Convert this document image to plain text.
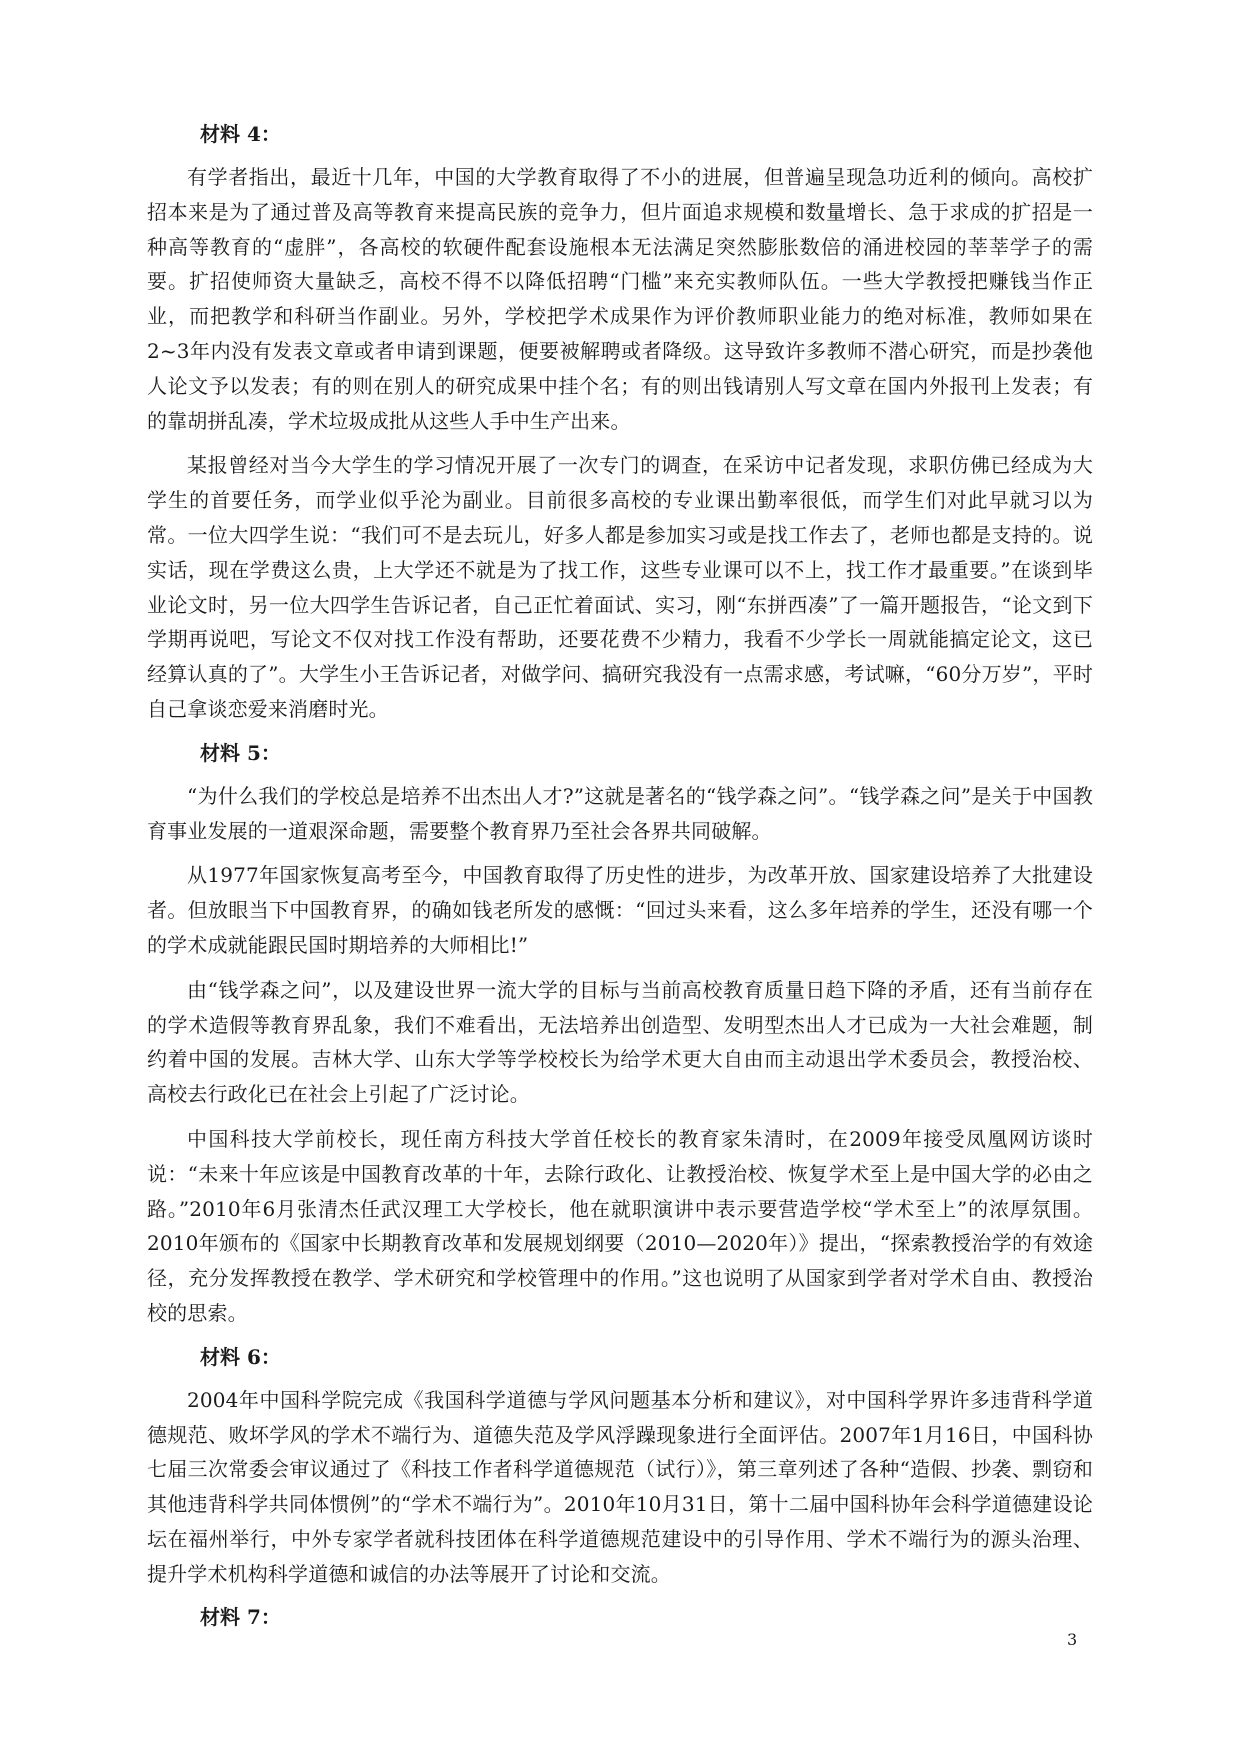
材料 4：

有学者指出，最近十几年，中国的大学教育取得了不小的进展，但普遍呈现急功近利的倾向。高校扩招本来是为了通过普及高等教育来提高民族的竞争力，但片面追求规模和数量增长、急于求成的扩招是一种高等教育的“虚胖”，各高校的软硬件配套设施根本无法满足突然膨胀数倍的涌进校园的莘莘学子的需要。扩招使师资大量缺乏，高校不得不以降低招聘“门槛”来充实教师队伍。一些大学教授把赚钱当作正业，而把教学和科研当作副业。另外，学校把学术成果作为评价教师职业能力的绝对标准，教师如果在2~3年内没有发表文章或者申请到课题，便要被解聘或者降级。这导致许多教师不潜心研究，而是抄袭他人论文予以发表；有的则在别人的研究成果中挂个名；有的则出钱请别人写文章在国内外报刊上发表；有的靠胡拼乱凑，学术垃圾成批从这些人手中生产出来。

某报曾经对当今大学生的学习情况开展了一次专门的调查，在采访中记者发现，求职仿佛已经成为大学生的首要任务，而学业似乎沦为副业。目前很多高校的专业课出勤率很低，而学生们对此早就习以为常。一位大四学生说：“我们可不是去玩儿，好多人都是参加实习或是找工作去了，老师也都是支持的。说实话，现在学费这么贵，上大学还不就是为了找工作，这些专业课可以不上，找工作才最重要。”在谈到毕业论文时，另一位大四学生告诉记者，自己正忙着面试、实习，刚“东拼西凑”了一篇开题报告，“论文到下学期再说吧，写论文不仅对找工作没有帮助，还要花费不少精力，我看不少学长一周就能搞定论文，这已经算认真的了”。大学生小王告诉记者，对做学问、搞研究我没有一点需求感，考试嘛，“60分万岁”，平时自己拿谈恋爱来消磨时光。

材料 5：

“为什么我们的学校总是培养不出杰出人才?”这就是著名的“钱学森之问”。“钱学森之问”是关于中国教育事业发展的一道艰深命题，需要整个教育界乃至社会各界共同破解。

从1977年国家恢复高考至今，中国教育取得了历史性的进步，为改革开放、国家建设培养了大批建设者。但放眼当下中国教育界，的确如钱老所发的感慨：“回过头来看，这么多年培养的学生，还没有哪一个的学术成就能跟民国时期培养的大师相比!”

由“钱学森之问”，以及建设世界一流大学的目标与当前高校教育质量日趋下降的矛盾，还有当前存在的学术造假等教育界乱象，我们不难看出，无法培养出创造型、发明型杰出人才已成为一大社会难题，制约着中国的发展。吉林大学、山东大学等学校校长为给学术更大自由而主动退出学术委员会，教授治校、高校去行政化已在社会上引起了广泛讨论。

中国科技大学前校长，现任南方科技大学首任校长的教育家朱清时，在2009年接受凤凰网访谈时说：“未来十年应该是中国教育改革的十年，去除行政化、让教授治校、恢复学术至上是中国大学的必由之路。”2010年6月张清杰任武汉理工大学校长，他在就职演讲中表示要营造学校“学术至上”的浓厚氛围。2010年颁布的《国家中长期教育改革和发展规划纲要（2010—2020年）》提出，“探索教授治学的有效途径，充分发挥教授在教学、学术研究和学校管理中的作用。”这也说明了从国家到学者对学术自由、教授治校的思索。

材料 6：

2004年中国科学院完成《我国科学道德与学风问题基本分析和建议》，对中国科学界许多违背科学道德规范、败坏学风的学术不端行为、道德失范及学风浮躁现象进行全面评估。2007年1月16日，中国科协七届三次常委会审议通过了《科技工作者科学道德规范（试行）》，第三章列述了各种“造假、抄袭、剽窃和其他违背科学共同体惯例”的“学术不端行为”。2010年10月31日，第十二届中国科协年会科学道德建设论坛在福州举行，中外专家学者就科技团体在科学道德规范建设中的引导作用、学术不端行为的源头治理、提升学术机构科学道德和诚信的办法等展开了讨论和交流。

材料 7：
3
